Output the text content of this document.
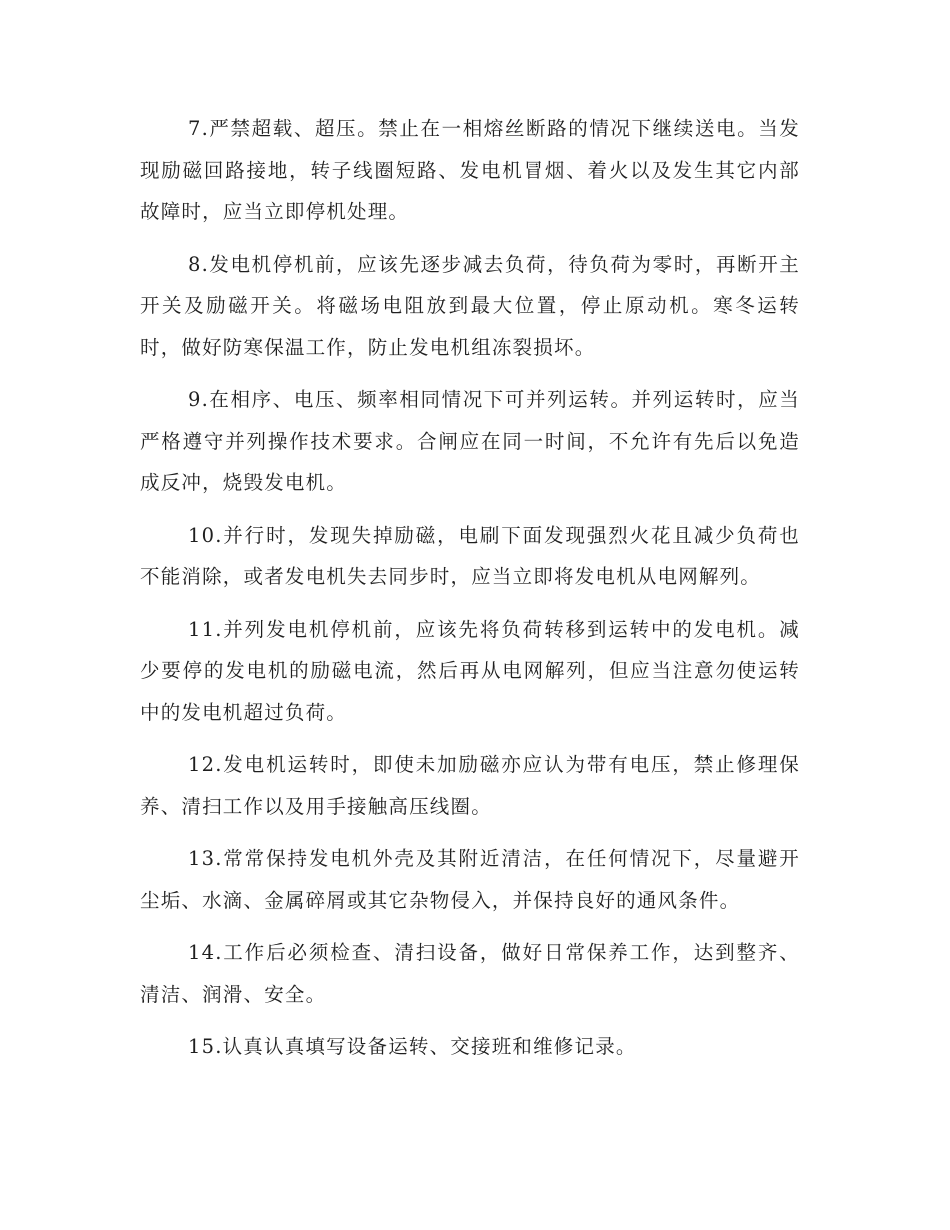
7.严禁超载、超压。禁止在一相熔丝断路的情况下继续送电。当发现励磁回路接地，转子线圈短路、发电机冒烟、着火以及发生其它内部故障时，应当立即停机处理。

8.发电机停机前，应该先逐步减去负荷，待负荷为零时，再断开主开关及励磁开关。将磁场电阻放到最大位置，停止原动机。寒冬运转时，做好防寒保温工作，防止发电机组冻裂损坏。

9.在相序、电压、频率相同情况下可并列运转。并列运转时，应当严格遵守并列操作技术要求。合闸应在同一时间，不允许有先后以免造成反冲，烧毁发电机。

10.并行时，发现失掉励磁，电刷下面发现强烈火花且减少负荷也不能消除，或者发电机失去同步时，应当立即将发电机从电网解列。

11.并列发电机停机前，应该先将负荷转移到运转中的发电机。减少要停的发电机的励磁电流，然后再从电网解列，但应当注意勿使运转中的发电机超过负荷。

12.发电机运转时，即使未加励磁亦应认为带有电压，禁止修理保养、清扫工作以及用手接触高压线圈。

13.常常保持发电机外壳及其附近清洁，在任何情况下，尽量避开尘垢、水滴、金属碎屑或其它杂物侵入，并保持良好的通风条件。

14.工作后必须检查、清扫设备，做好日常保养工作，达到整齐、清洁、润滑、安全。

15.认真认真填写设备运转、交接班和维修记录。
